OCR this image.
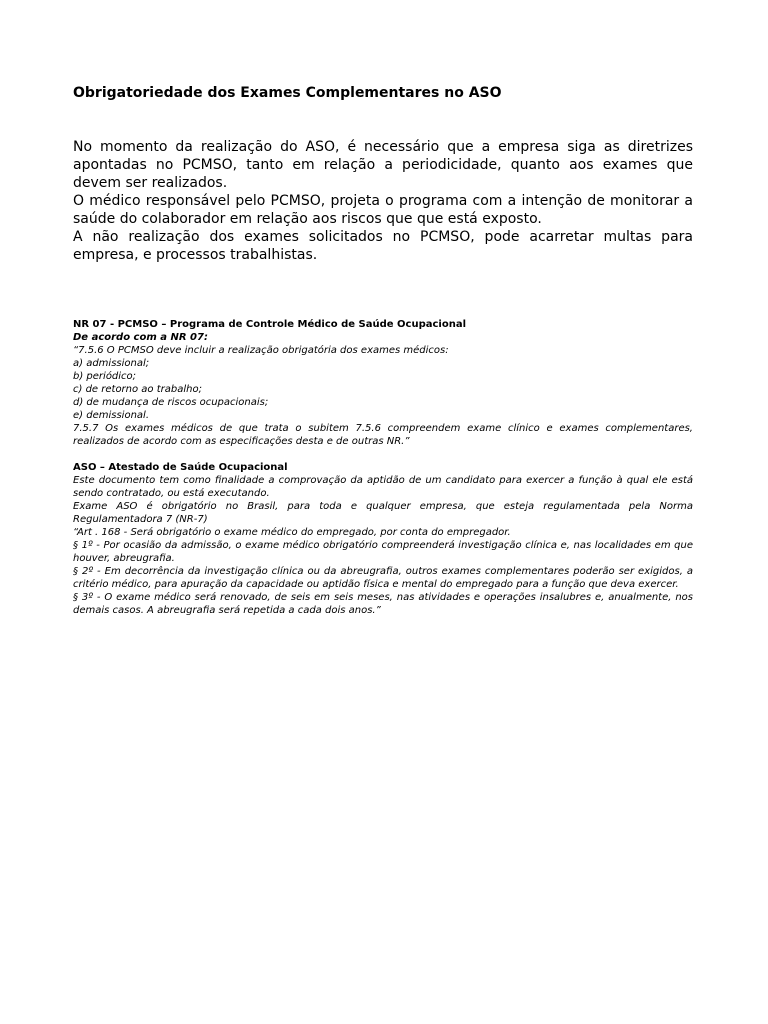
Obrigatoriedade dos Exames Complementares no ASO

No momento da realização do ASO, é necessário que a empresa siga as diretrizes apontadas no PCMSO, tanto em relação a periodicidade, quanto aos exames que devem ser realizados.

O médico responsável pelo PCMSO, projeta o programa com a intenção de monitorar a saúde do colaborador em relação aos riscos que que está exposto.

A não realização dos exames solicitados no PCMSO, pode acarretar multas para empresa, e processos trabalhistas.

NR 07 - PCMSO – Programa de Controle Médico de Saúde Ocupacional

De acordo com a NR 07:

“7.5.6 O PCMSO deve incluir a realização obrigatória dos exames médicos:

a) admissional;

b) periódico;

c) de retorno ao trabalho;

d) de mudança de riscos ocupacionais;

e) demissional.

7.5.7 Os exames médicos de que trata o subitem 7.5.6 compreendem exame clínico e exames complementares, realizados de acordo com as especificações desta e de outras NR.”

ASO – Atestado de Saúde Ocupacional

Este documento tem como finalidade a comprovação da aptidão de um candidato para exercer a função à qual ele está sendo contratado, ou está executando.

Exame ASO é obrigatório no Brasil, para toda e qualquer empresa, que esteja regulamentada pela Norma Regulamentadora 7 (NR-7)

“Art . 168 - Será obrigatório o exame médico do empregado, por conta do empregador.

§ 1º - Por ocasião da admissão, o exame médico obrigatório compreenderá investigação clínica e, nas localidades em que houver, abreugrafia.

§ 2º - Em decorrência da investigação clínica ou da abreugrafia, outros exames complementares poderão ser exigidos, a critério médico, para apuração da capacidade ou aptidão física e mental do empregado para a função que deva exercer.

§ 3º - O exame médico será renovado, de seis em seis meses, nas atividades e operações insalubres e, anualmente, nos demais casos. A abreugrafia será repetida a cada dois anos.”
